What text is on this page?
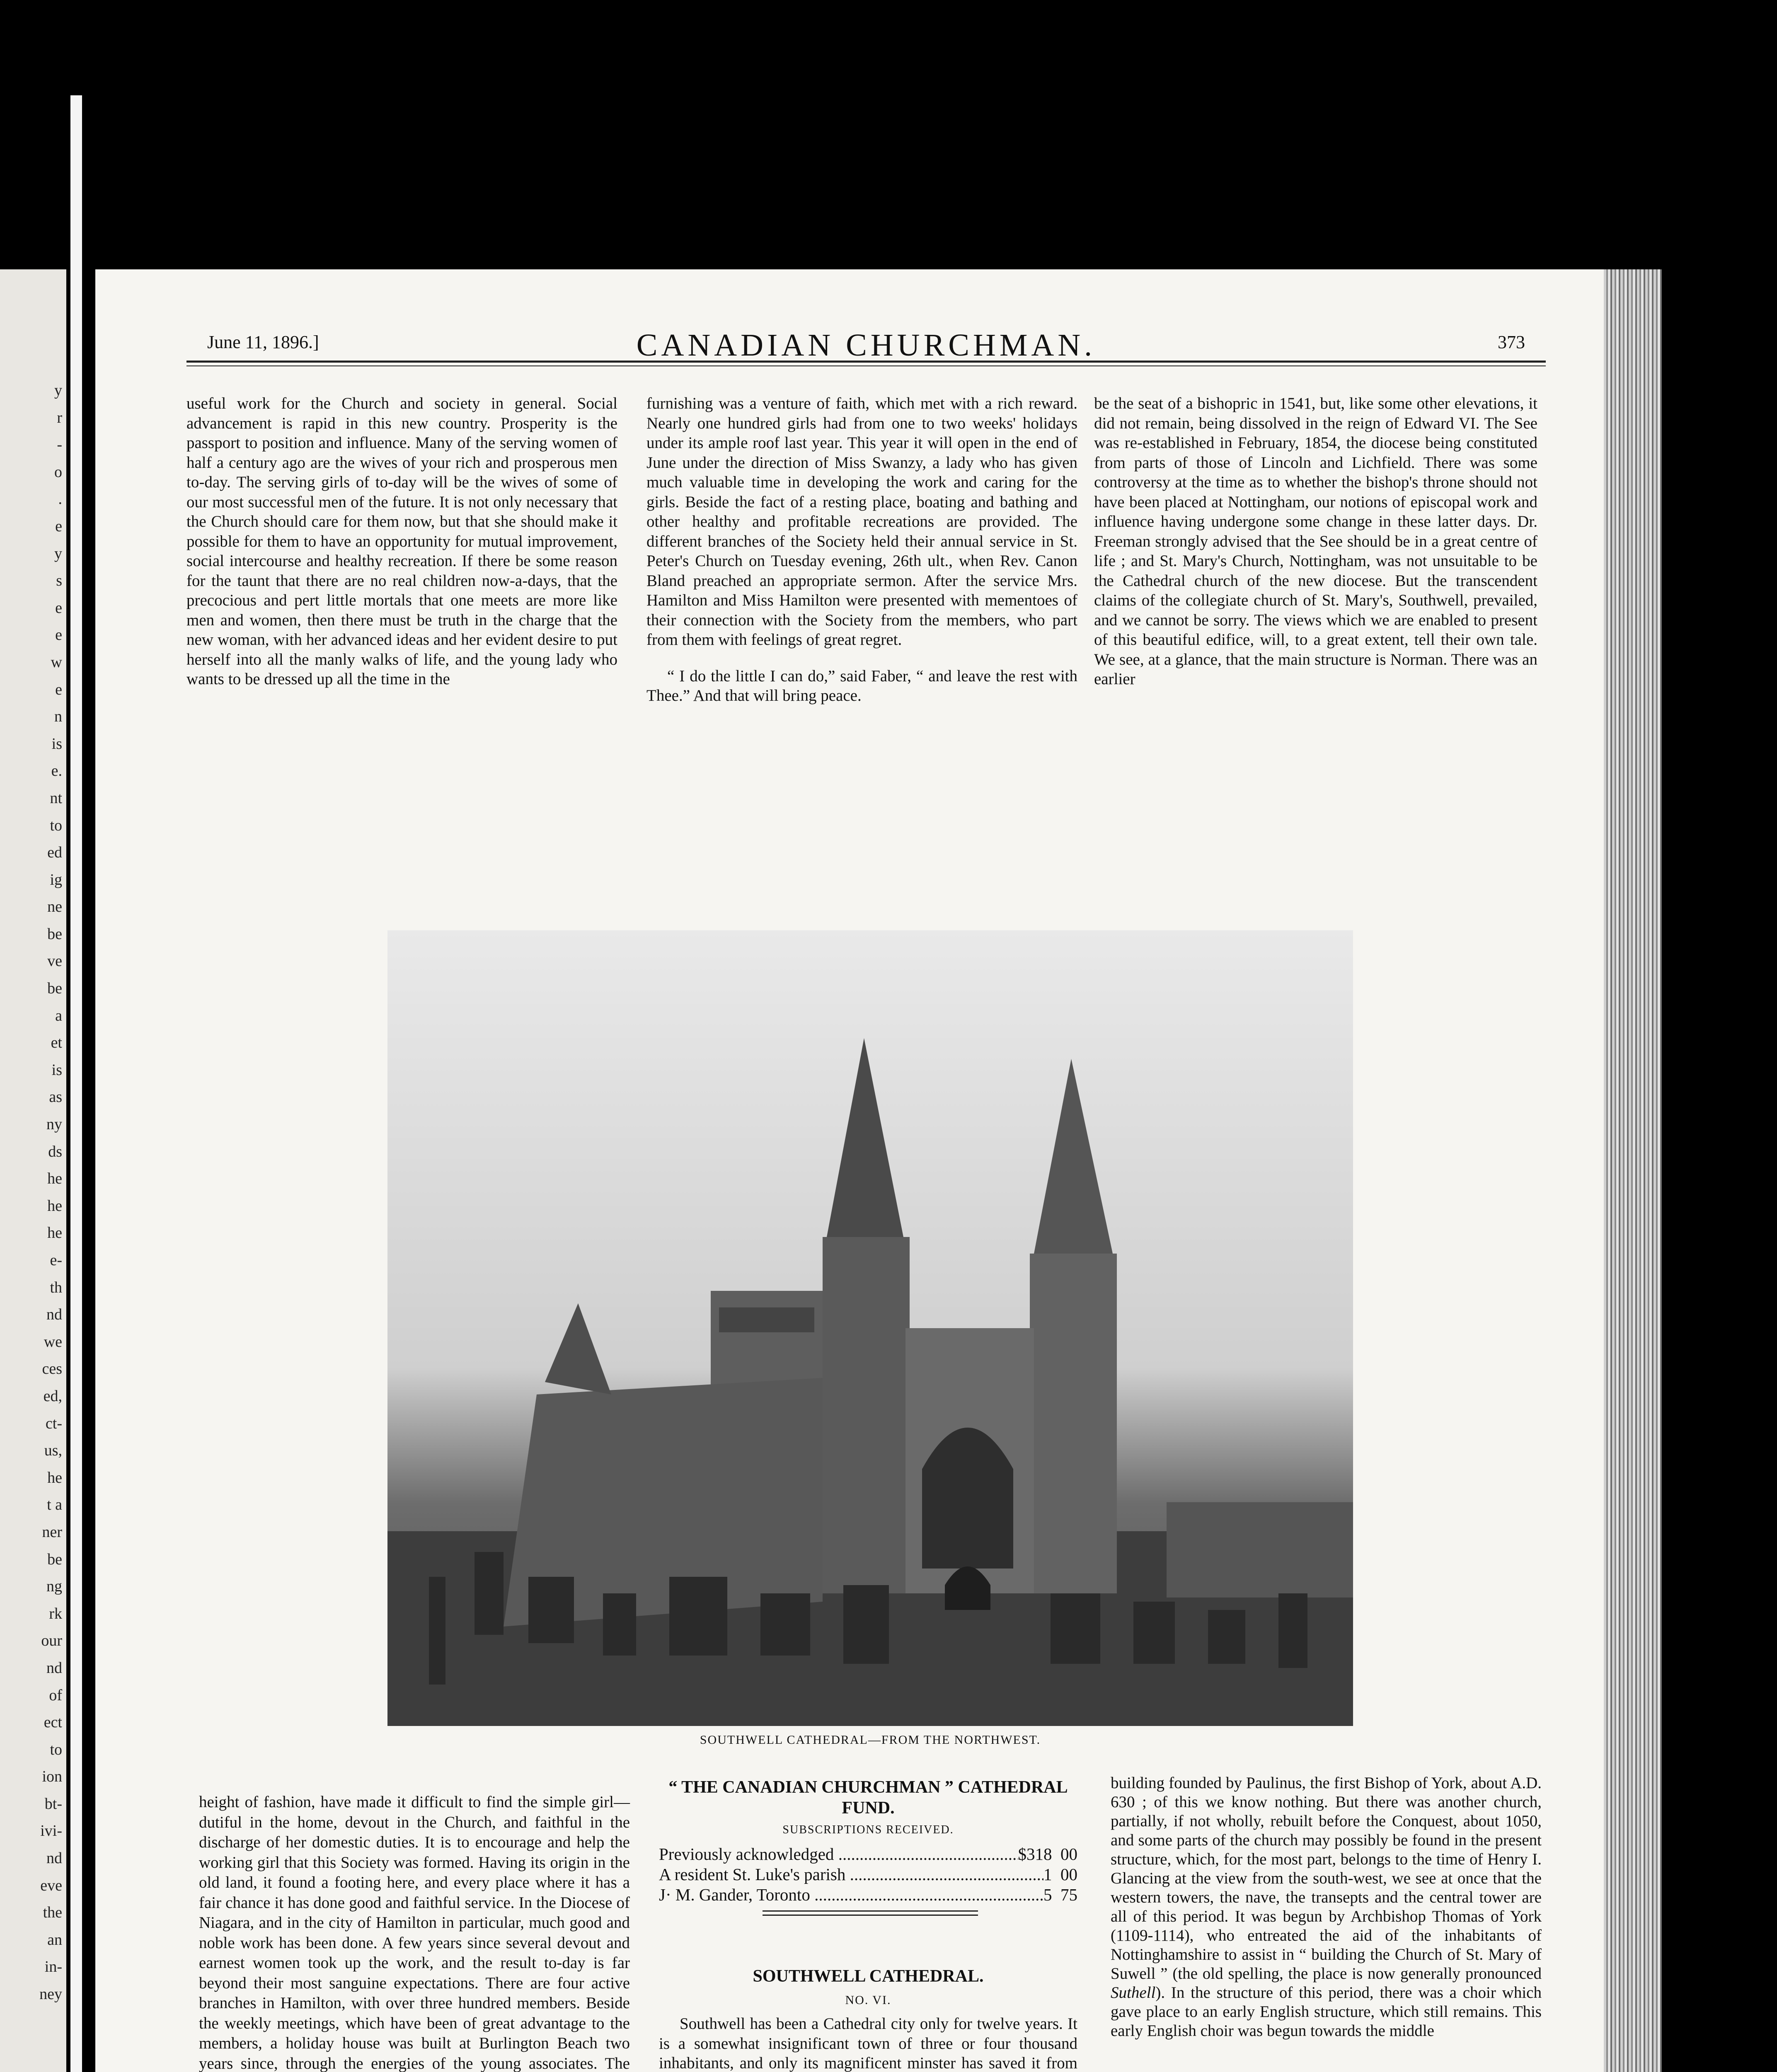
y
r
-
o
.
e
y
s
e
e
w
e
n
is
e.
nt
to
ed
ig
ne
be
ve
be
a
et
is
as
ny
ds
he
he
he
e-
th
nd
we
ces
ed,
ct-
us,
he
t a
ner
be
ng
rk
our
nd
of
ect
to
ion
bt-
ivi-
nd
eve
the
an
in-
ney
June 11, 1896.]	CANADIAN CHURCHMAN.	373

useful work for the Church and society in general. Social advancement is rapid in this new country. Prosperity is the passport to position and influence. Many of the serving women of half a century ago are the wives of your rich and prosperous men to-day. The serving girls of to-day will be the wives of some of our most successful men of the future. It is not only necessary that the Church should care for them now, but that she should make it possible for them to have an opportunity for mutual improvement, social intercourse and healthy recreation. If there be some reason for the taunt that there are no real children now-a-days, that the precocious and pert little mortals that one meets are more like men and women, then there must be truth in the charge that the new woman, with her advanced ideas and her evident desire to put herself into all the manly walks of life, and the young lady who wants to be dressed up all the time in the

furnishing was a venture of faith, which met with a rich reward. Nearly one hundred girls had from one to two weeks' holidays under its ample roof last year. This year it will open in the end of June under the direction of Miss Swanzy, a lady who has given much valuable time in developing the work and caring for the girls. Beside the fact of a resting place, boating and bathing and other healthy and profitable recreations are provided. The different branches of the Society held their annual service in St. Peter's Church on Tuesday evening, 26th ult., when Rev. Canon Bland preached an appropriate sermon. After the service Mrs. Hamilton and Miss Hamilton were presented with mementoes of their connection with the Society from the members, who part from them with feelings of great regret.

“ I do the little I can do,” said Faber, “ and leave the rest with Thee.” And that will bring peace.

be the seat of a bishopric in 1541, but, like some other elevations, it did not remain, being dissolved in the reign of Edward VI. The See was re-established in February, 1854, the diocese being constituted from parts of those of Lincoln and Lichfield. There was some controversy at the time as to whether the bishop's throne should not have been placed at Nottingham, our notions of episcopal work and influence having undergone some change in these latter days. Dr. Freeman strongly advised that the See should be in a great centre of life ; and St. Mary's Church, Nottingham, was not unsuitable to be the Cathedral church of the new diocese. But the transcendent claims of the collegiate church of St. Mary's, Southwell, prevailed, and we cannot be sorry. The views which we are enabled to present of this beautiful edifice, will, to a great extent, tell their own tale. We see, at a glance, that the main structure is Norman. There was an earlier

SOUTHWELL CATHEDRAL—FROM THE NORTHWEST.

height of fashion, have made it difficult to find the simple girl—dutiful in the home, devout in the Church, and faithful in the discharge of her domestic duties. It is to encourage and help the working girl that this Society was formed. Having its origin in the old land, it found a footing here, and every place where it has a fair chance it has done good and faithful service. In the Diocese of Niagara, and in the city of Hamilton in particular, much good and noble work has been done. A few years since several devout and earnest women took up the work, and the result to-day is far beyond their most sanguine expectations. There are four active branches in Hamilton, with over three hundred members. Beside the weekly meetings, which have been of great advantage to the members, a holiday house was built at Burlington Beach two years since, through the energies of the young associates. The

“ THE CANADIAN CHURCHMAN ” CATHEDRAL FUND.
SUBSCRIPTIONS RECEIVED.
Previously acknowledged .....	$318  00
A resident St. Luke's parish .....	1  00
J· M. Gander, Toronto .....	5  75
SOUTHWELL CATHEDRAL.
NO. VI.

Southwell has been a Cathedral city only for twelve years. It is a somewhat insignificant town of three or four thousand inhabitants, and only its magnificent minster has saved it from

building founded by Paulinus, the first Bishop of York, about A.D. 630 ; of this we know nothing. But there was another church, partially, if not wholly, rebuilt before the Conquest, about 1050, and some parts of the church may possibly be found in the present structure, which, for the most part, belongs to the time of Henry I. Glancing at the view from the south-west, we see at once that the western towers, the nave, the transepts and the central tower are all of this period. It was begun by Archbishop Thomas of York (1109-1114), who entreated the aid of the inhabitants of Nottinghamshire to assist in “ building the Church of St. Mary of Suwell ” (the old spelling, the place is now generally pronounced Suthell). In the structure of this period, there was a choir which gave place to an early English structure, which still remains. This early English choir was begun towards the middle
